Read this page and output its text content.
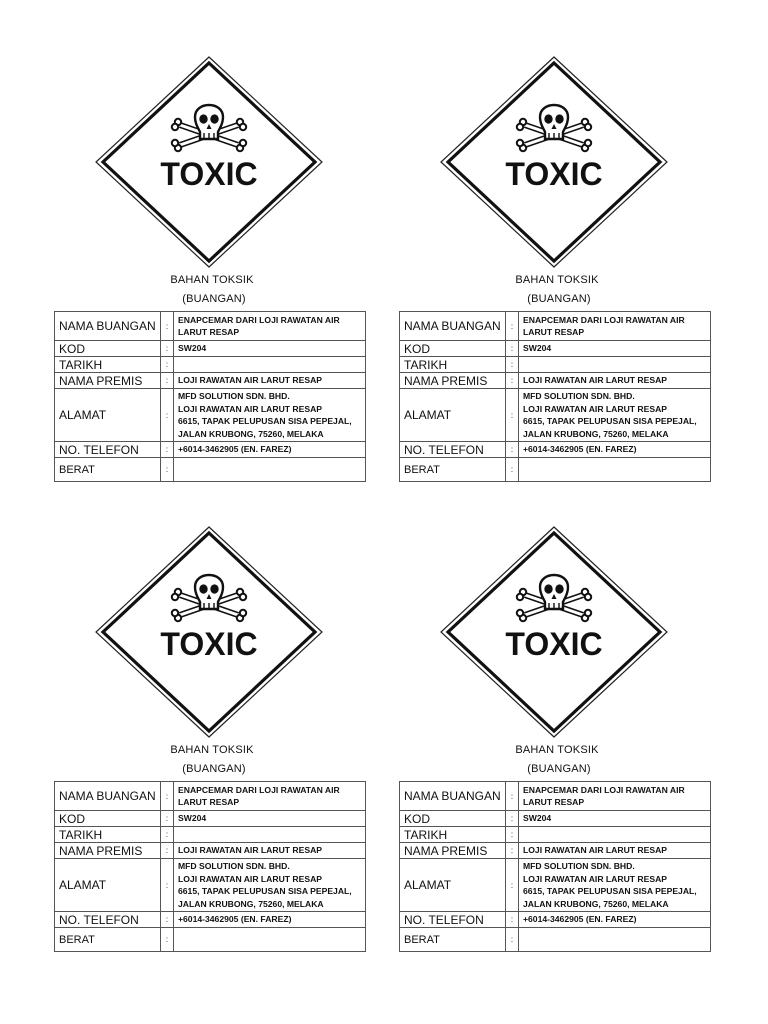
TOXIC
BAHAN TOKSIK
(BUANGAN)
NAMA BUANGAN	:	ENAPCEMAR DARI LOJI RAWATAN AIR
LARUT RESAP

KOD	:	SW204
TARIKH	:	
NAMA PREMIS	:	LOJI RAWATAN AIR LARUT RESAP
ALAMAT	:	MFD SOLUTION SDN. BHD.
LOJI RAWATAN AIR LARUT RESAP
6615, TAPAK PELUPUSAN SISA PEPEJAL,
JALAN KRUBONG, 75260, MELAKA

NO. TELEFON	:	+6014-3462905 (EN. FAREZ)
BERAT	:	
TOXIC
BAHAN TOKSIK
(BUANGAN)
NAMA BUANGAN	:	ENAPCEMAR DARI LOJI RAWATAN AIR
LARUT RESAP

KOD	:	SW204
TARIKH	:	
NAMA PREMIS	:	LOJI RAWATAN AIR LARUT RESAP
ALAMAT	:	MFD SOLUTION SDN. BHD.
LOJI RAWATAN AIR LARUT RESAP
6615, TAPAK PELUPUSAN SISA PEPEJAL,
JALAN KRUBONG, 75260, MELAKA

NO. TELEFON	:	+6014-3462905 (EN. FAREZ)
BERAT	:	
TOXIC
BAHAN TOKSIK
(BUANGAN)
NAMA BUANGAN	:	ENAPCEMAR DARI LOJI RAWATAN AIR
LARUT RESAP

KOD	:	SW204
TARIKH	:	
NAMA PREMIS	:	LOJI RAWATAN AIR LARUT RESAP
ALAMAT	:	MFD SOLUTION SDN. BHD.
LOJI RAWATAN AIR LARUT RESAP
6615, TAPAK PELUPUSAN SISA PEPEJAL,
JALAN KRUBONG, 75260, MELAKA

NO. TELEFON	:	+6014-3462905 (EN. FAREZ)
BERAT	:	
TOXIC
BAHAN TOKSIK
(BUANGAN)
NAMA BUANGAN	:	ENAPCEMAR DARI LOJI RAWATAN AIR
LARUT RESAP

KOD	:	SW204
TARIKH	:	
NAMA PREMIS	:	LOJI RAWATAN AIR LARUT RESAP
ALAMAT	:	MFD SOLUTION SDN. BHD.
LOJI RAWATAN AIR LARUT RESAP
6615, TAPAK PELUPUSAN SISA PEPEJAL,
JALAN KRUBONG, 75260, MELAKA

NO. TELEFON	:	+6014-3462905 (EN. FAREZ)
BERAT	:	
